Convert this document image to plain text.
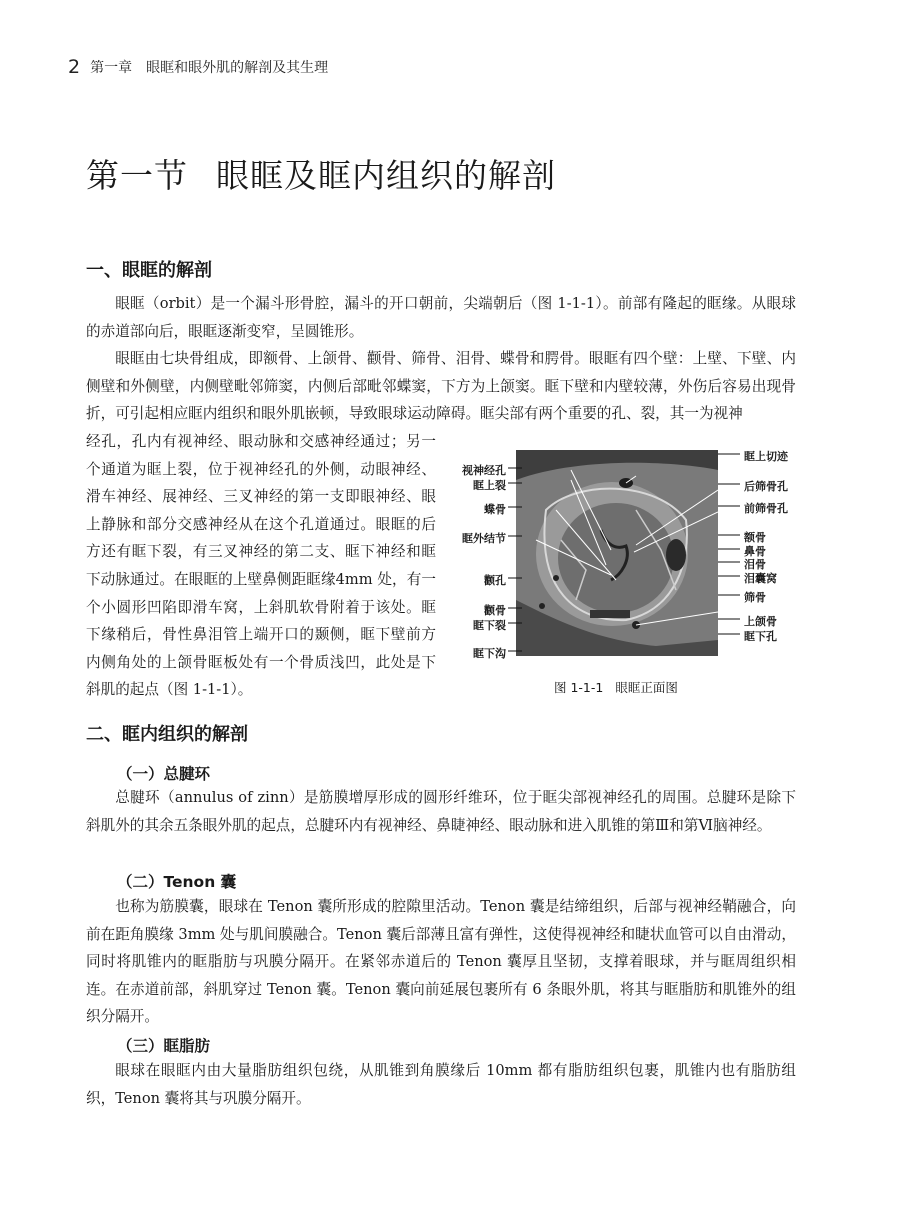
2 第一章　眼眶和眼外肌的解剖及其生理
第一节 眼眶及眶内组织的解剖
一、眼眶的解剖

眼眶（orbit）是一个漏斗形骨腔，漏斗的开口朝前，尖端朝后（图 1-1-1）。前部有隆起的眶缘。从眼球的赤道部向后，眼眶逐渐变窄，呈圆锥形。

眼眶由七块骨组成，即额骨、上颌骨、颧骨、筛骨、泪骨、蝶骨和腭骨。眼眶有四个壁：上壁、下壁、内侧壁和外侧壁，内侧壁毗邻筛窦，内侧后部毗邻蝶窦，下方为上颌窦。眶下壁和内壁较薄，外伤后容易出现骨折，可引起相应眶内组织和眼外肌嵌顿，导致眼球运动障碍。眶尖部有两个重要的孔、裂，其一为视神

经孔，孔内有视神经、眼动脉和交感神经通过；另一个通道为眶上裂，位于视神经孔的外侧，动眼神经、滑车神经、展神经、三叉神经的第一支即眼神经、眼上静脉和部分交感神经从在这个孔道通过。眼眶的后方还有眶下裂，有三叉神经的第二支、眶下神经和眶下动脉通过。在眼眶的上壁鼻侧距眶缘4mm 处，有一个小圆形凹陷即滑车窝，上斜肌软骨附着于该处。眶下缘稍后，骨性鼻泪管上端开口的颞侧，眶下壁前方内侧角处的上颌骨眶板处有一个骨质浅凹，此处是下斜肌的起点（图 1-1-1）。

视神经孔
眶上裂
蝶骨
眶外结节
颧孔
颧骨
眶下裂
眶下沟
眶上切迹
后筛骨孔
前筛骨孔
额骨
鼻骨
泪骨
泪囊窝
筛骨
上颌骨
眶下孔
图 1-1-1 眼眶正面图
二、眶内组织的解剖
（一）总腱环

总腱环（annulus of zinn）是筋膜增厚形成的圆形纤维环，位于眶尖部视神经孔的周围。总腱环是除下斜肌外的其余五条眼外肌的起点，总腱环内有视神经、鼻睫神经、眼动脉和进入肌锥的第Ⅲ和第Ⅵ脑神经。

（二）Tenon 囊

也称为筋膜囊，眼球在 Tenon 囊所形成的腔隙里活动。Tenon 囊是结缔组织，后部与视神经鞘融合，向前在距角膜缘 3mm 处与肌间膜融合。Tenon 囊后部薄且富有弹性，这使得视神经和睫状血管可以自由滑动，同时将肌锥内的眶脂肪与巩膜分隔开。在紧邻赤道后的 Tenon 囊厚且坚韧，支撑着眼球，并与眶周组织相连。在赤道前部，斜肌穿过 Tenon 囊。Tenon 囊向前延展包裹所有 6 条眼外肌，将其与眶脂肪和肌锥外的组织分隔开。

（三）眶脂肪

眼球在眼眶内由大量脂肪组织包绕，从肌锥到角膜缘后 10mm 都有脂肪组织包裹，肌锥内也有脂肪组织，Tenon 囊将其与巩膜分隔开。
